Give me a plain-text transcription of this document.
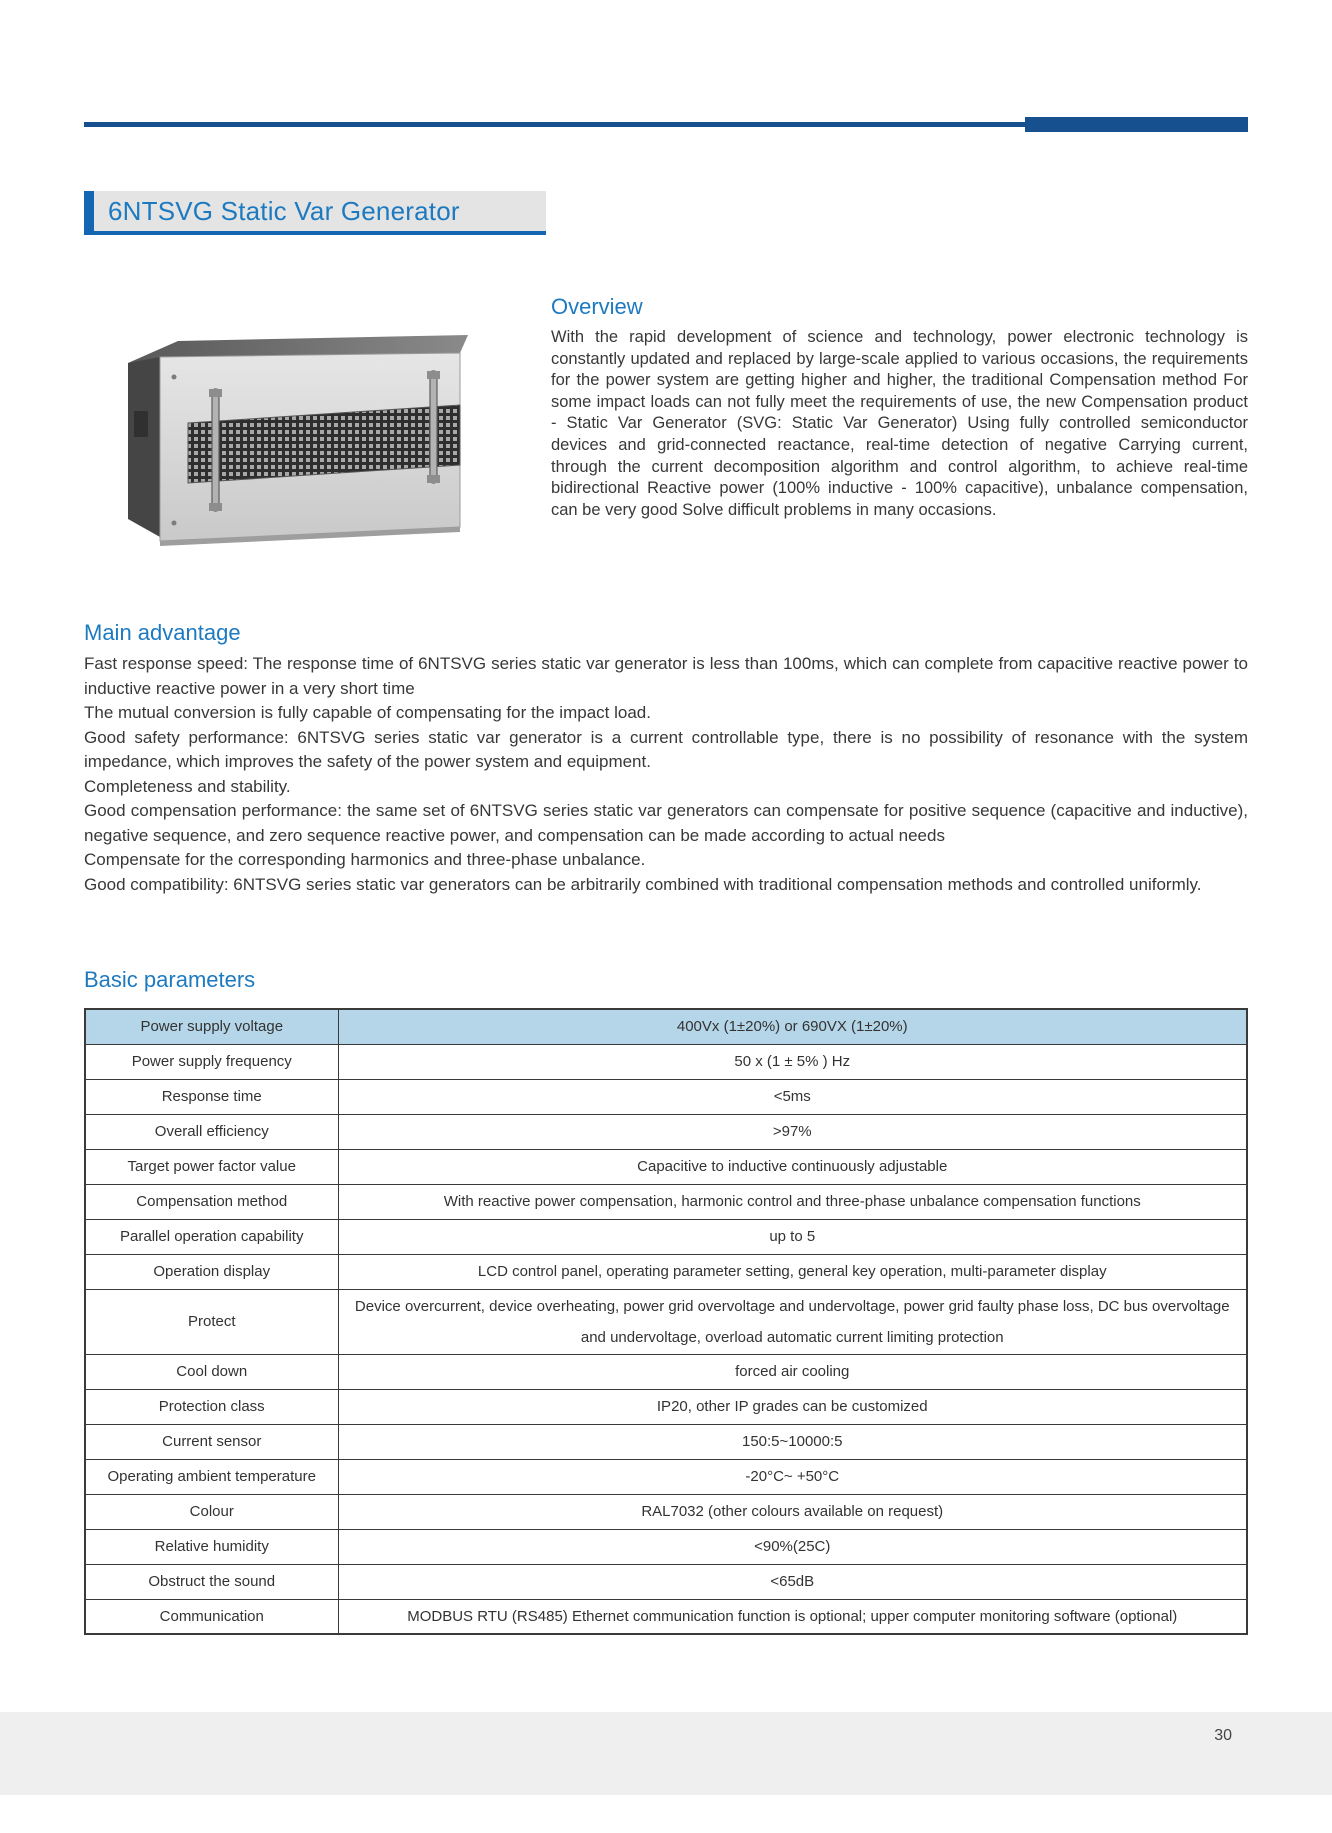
6NTSVG Static Var Generator
Overview
With the rapid development of science and technology, power electronic technology is constantly updated and replaced by large-scale applied to various occasions, the requirements for the power system are getting higher and higher, the traditional Compensation method For some impact loads can not fully meet the requirements of use, the new Compensation product - Static Var Generator (SVG: Static Var Generator) Using fully controlled semiconductor devices and grid-connected reactance, real-time detection of negative Carrying current, through the current decomposition algorithm and control algorithm, to achieve real-time bidirectional Reactive power (100% inductive - 100% capacitive), unbalance compensation, can be very good Solve difficult problems in many occasions.
Main advantage
Fast response speed: The response time of 6NTSVG series static var generator is less than 100ms, which can complete from capacitive reactive power to inductive reactive power in a very short time
The mutual conversion is fully capable of compensating for the impact load.
Good safety performance: 6NTSVG series static var generator is a current controllable type, there is no possibility of resonance with the system impedance, which improves the safety of the power system and equipment.
Completeness and stability.
Good compensation performance: the same set of 6NTSVG series static var generators can compensate for positive sequence (capacitive and inductive), negative sequence, and zero sequence reactive power, and compensation can be made according to actual needs
Compensate for the corresponding harmonics and three-phase unbalance.
Good compatibility: 6NTSVG series static var generators can be arbitrarily combined with traditional compensation methods and controlled uniformly.
Basic parameters
Power supply voltage	400Vx (1±20%) or 690VX (1±20%)
Power supply frequency	50 x (1 ± 5% ) Hz
Response time	<5ms
Overall efficiency	>97%
Target power factor value	Capacitive to inductive continuously adjustable
Compensation method	With reactive power compensation, harmonic control and three-phase unbalance compensation functions
Parallel operation capability	up to 5
Operation display	LCD control panel, operating parameter setting, general key operation, multi-parameter display
Protect	Device overcurrent, device overheating, power grid overvoltage and undervoltage, power grid faulty phase loss, DC bus overvoltage and undervoltage, overload automatic current limiting protection
Cool down	forced air cooling
Protection class	IP20, other IP grades can be customized
Current sensor	150:5~10000:5
Operating ambient temperature	-20°C~ +50°C
Colour	RAL7032 (other colours available on request)
Relative humidity	<90%(25C)
Obstruct the sound	<65dB
Communication	MODBUS RTU (RS485) Ethernet communication function is optional; upper computer monitoring software (optional)
30
